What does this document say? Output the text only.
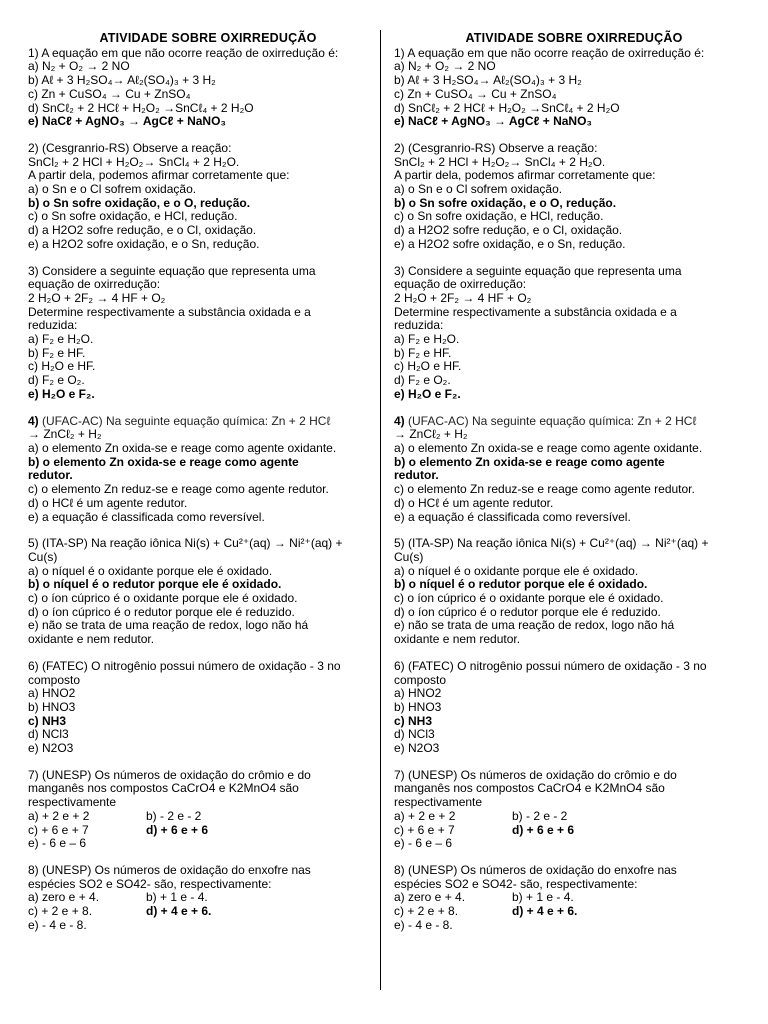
ATIVIDADE SOBRE OXIRREDUÇÃO
1) A equação em que não ocorre reação de oxirredução é:
a) N₂ + O₂ → 2 NO
b) Aℓ + 3 H₂SO₄→ Aℓ₂(SO₄)₃ + 3 H₂
c) Zn + CuSO₄ → Cu + ZnSO₄
d) SnCℓ₂ + 2 HCℓ + H₂O₂ →SnCℓ₄ + 2 H₂O
e) NaCℓ + AgNO₃ → AgCℓ + NaNO₃
2) (Cesgranrio-RS) Observe a reação:
SnCl₂ + 2 HCl + H₂O₂→ SnCl₄ + 2 H₂O.
A partir dela, podemos afirmar corretamente que:
a) o Sn e o Cl sofrem oxidação.
b) o Sn sofre oxidação, e o O, redução.
c) o Sn sofre oxidação, e HCl, redução.
d) a H2O2 sofre redução, e o Cl, oxidação.
e) a H2O2 sofre oxidação, e o Sn, redução.
3) Considere a seguinte equação que representa uma
equação de oxirredução:
2 H₂O + 2F₂ → 4 HF + O₂
Determine respectivamente a substância oxidada e a
reduzida:
a) F₂ e H₂O.
b) F₂ e HF.
c) H₂O e HF.
d) F₂ e O₂.
e) H₂O e F₂.
4) (UFAC-AC) Na seguinte equação química: Zn + 2 HCℓ
→ ZnCℓ₂ + H₂
a) o elemento Zn oxida-se e reage como agente oxidante.
b) o elemento Zn oxida-se e reage como agente
redutor.
c) o elemento Zn reduz-se e reage como agente redutor.
d) o HCℓ é um agente redutor.
e) a equação é classificada como reversível.
5) (ITA-SP) Na reação iônica Ni(s) + Cu²⁺(aq) → Ni²⁺(aq) +
Cu(s)
a) o níquel é o oxidante porque ele é oxidado.
b) o níquel é o redutor porque ele é oxidado.
c) o íon cúprico é o oxidante porque ele é oxidado.
d) o íon cúprico é o redutor porque ele é reduzido.
e) não se trata de uma reação de redox, logo não há
oxidante e nem redutor.
6) (FATEC) O nitrogênio possui número de oxidação - 3 no
composto
a) HNO2
b) HNO3
c) NH3
d) NCl3
e) N2O3
7) (UNESP) Os números de oxidação do crômio e do
manganês nos compostos CaCrO4 e K2MnO4 são
respectivamente
a) + 2 e + 2	b) - 2 e - 2
c) + 6 e + 7	d) + 6 e + 6
e) - 6 e – 6
8) (UNESP) Os números de oxidação do enxofre nas
espécies SO2 e SO42- são, respectivamente:
a) zero e + 4.	b) + 1 e - 4.
c) + 2 e + 8.	d) + 4 e + 6.
e) - 4 e - 8.
ATIVIDADE SOBRE OXIRREDUÇÃO
1) A equação em que não ocorre reação de oxirredução é:
a) N₂ + O₂ → 2 NO
b) Aℓ + 3 H₂SO₄→ Aℓ₂(SO₄)₃ + 3 H₂
c) Zn + CuSO₄ → Cu + ZnSO₄
d) SnCℓ₂ + 2 HCℓ + H₂O₂ →SnCℓ₄ + 2 H₂O
e) NaCℓ + AgNO₃ → AgCℓ + NaNO₃
2) (Cesgranrio-RS) Observe a reação:
SnCl₂ + 2 HCl + H₂O₂→ SnCl₄ + 2 H₂O.
A partir dela, podemos afirmar corretamente que:
a) o Sn e o Cl sofrem oxidação.
b) o Sn sofre oxidação, e o O, redução.
c) o Sn sofre oxidação, e HCl, redução.
d) a H2O2 sofre redução, e o Cl, oxidação.
e) a H2O2 sofre oxidação, e o Sn, redução.
3) Considere a seguinte equação que representa uma
equação de oxirredução:
2 H₂O + 2F₂ → 4 HF + O₂
Determine respectivamente a substância oxidada e a
reduzida:
a) F₂ e H₂O.
b) F₂ e HF.
c) H₂O e HF.
d) F₂ e O₂.
e) H₂O e F₂.
4) (UFAC-AC) Na seguinte equação química: Zn + 2 HCℓ
→ ZnCℓ₂ + H₂
a) o elemento Zn oxida-se e reage como agente oxidante.
b) o elemento Zn oxida-se e reage como agente
redutor.
c) o elemento Zn reduz-se e reage como agente redutor.
d) o HCℓ é um agente redutor.
e) a equação é classificada como reversível.
5) (ITA-SP) Na reação iônica Ni(s) + Cu²⁺(aq) → Ni²⁺(aq) +
Cu(s)
a) o níquel é o oxidante porque ele é oxidado.
b) o níquel é o redutor porque ele é oxidado.
c) o íon cúprico é o oxidante porque ele é oxidado.
d) o íon cúprico é o redutor porque ele é reduzido.
e) não se trata de uma reação de redox, logo não há
oxidante e nem redutor.
6) (FATEC) O nitrogênio possui número de oxidação - 3 no
composto
a) HNO2
b) HNO3
c) NH3
d) NCl3
e) N2O3
7) (UNESP) Os números de oxidação do crômio e do
manganês nos compostos CaCrO4 e K2MnO4 são
respectivamente
a) + 2 e + 2	b) - 2 e - 2
c) + 6 e + 7	d) + 6 e + 6
e) - 6 e – 6
8) (UNESP) Os números de oxidação do enxofre nas
espécies SO2 e SO42- são, respectivamente:
a) zero e + 4.	b) + 1 e - 4.
c) + 2 e + 8.	d) + 4 e + 6.
e) - 4 e - 8.
